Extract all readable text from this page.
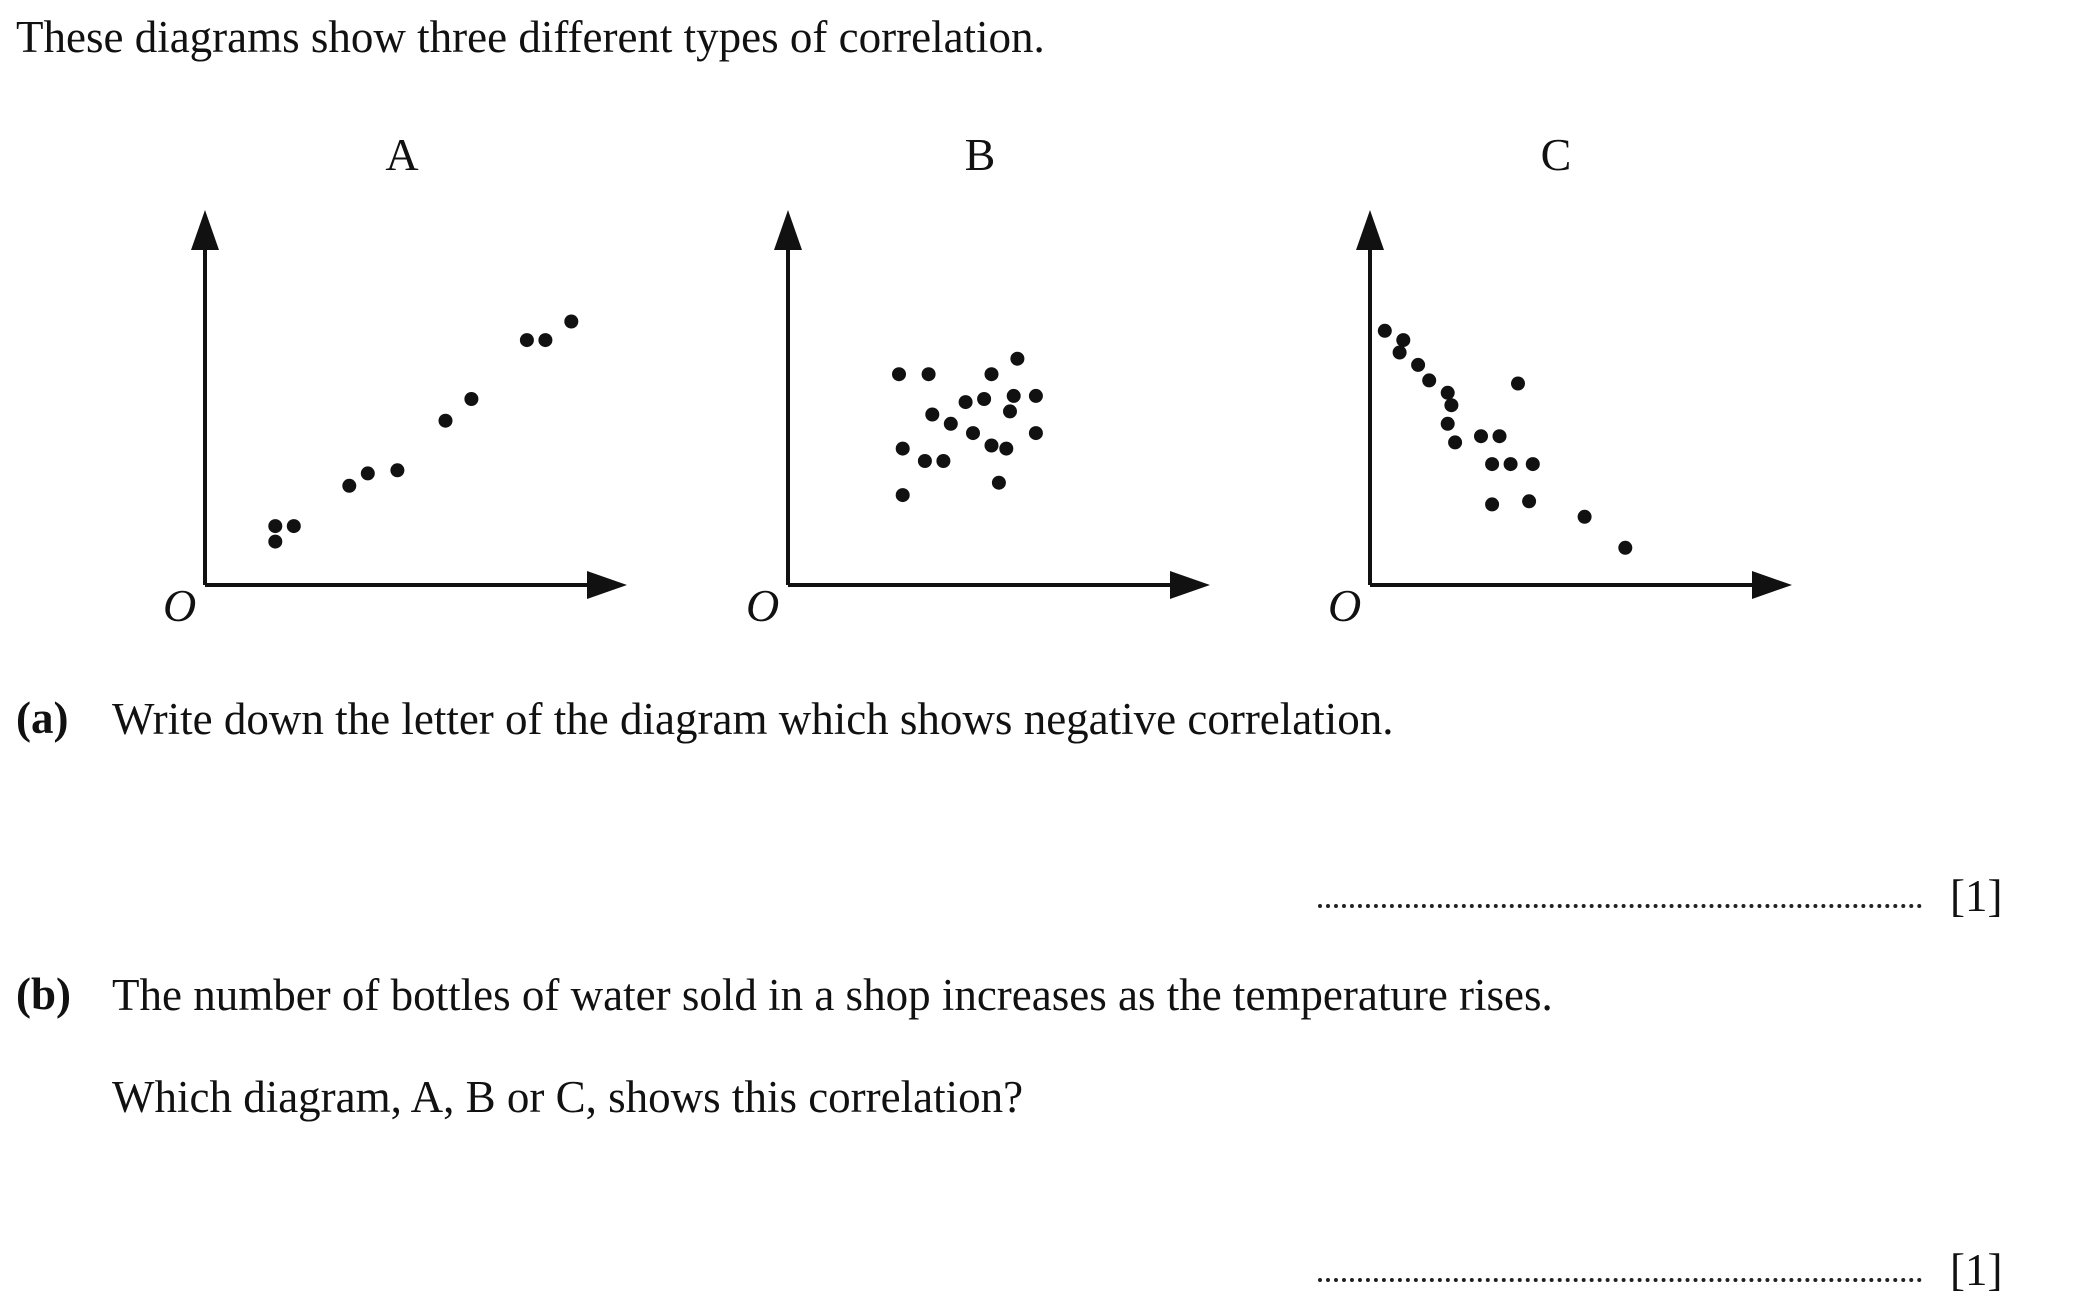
These diagrams show three different types of correlation.
A	B	C
O	O	O
(a) Write down the letter of the diagram which shows negative correlation.
[1]
(b) The number of bottles of water sold in a shop increases as the temperature rises.
Which diagram, A, B or C, shows this correlation?
[1]
